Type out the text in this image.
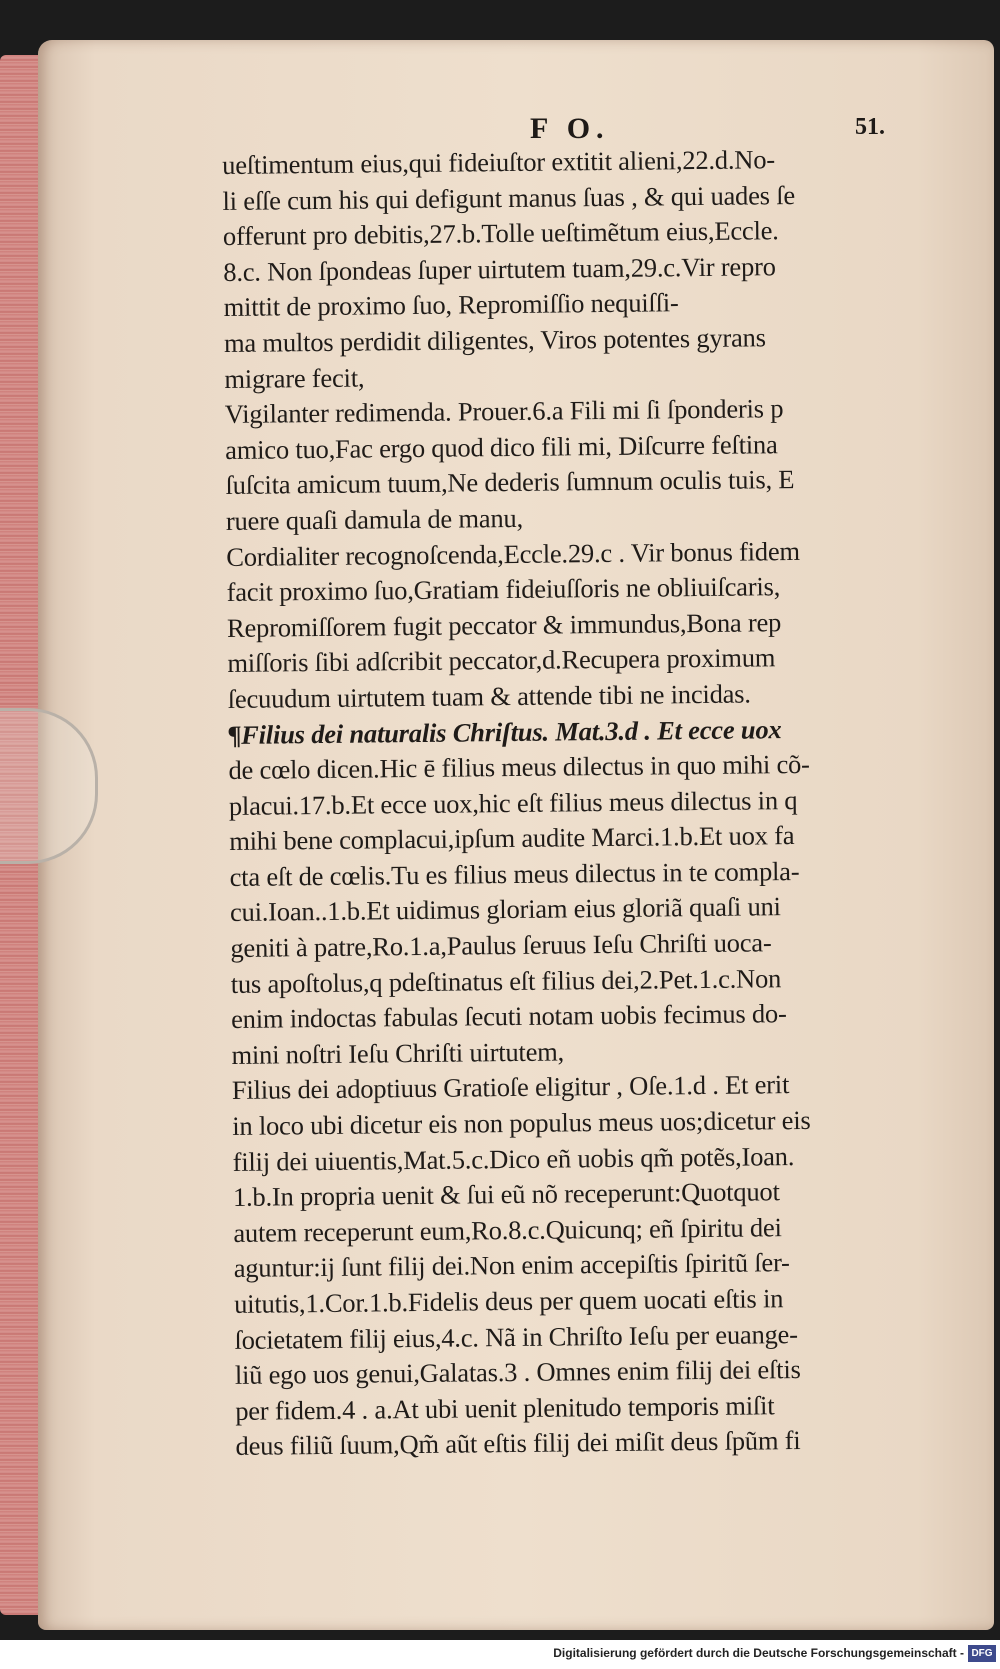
F O.	51.
ueſtimentum eius,qui fideiuſtor extitit alieni,22.d.No-
li eſſe cum his qui defigunt manus ſuas , & qui uades ſe
offerunt pro debitis,27.b.Tolle ueſtimẽtum eius,Eccle.
8.c. Non ſpondeas ſuper uirtutem tuam,29.c.Vir repro
mittit de proximo ſuo, Repromiſſio nequiſſi-
ma multos perdidit diligentes, Viros potentes gyrans
migrare fecit,
Vigilanter redimenda. Prouer.6.a Fili mi ſi ſponderis p
amico tuo,Fac ergo quod dico fili mi, Diſcurre feſtina
ſuſcita amicum tuum,Ne dederis ſumnum oculis tuis, E
ruere quaſi damula de manu,
Cordialiter recognoſcenda,Eccle.29.c . Vir bonus fidem
facit proximo ſuo,Gratiam fideiuſſoris ne obliuiſcaris,
Repromiſſorem fugit peccator & immundus,Bona rep
miſſoris ſibi adſcribit peccator,d.Recupera proximum
ſecuudum uirtutem tuam & attende tibi ne incidas.
¶Filius dei naturalis Chriſtus. Mat.3.d . Et ecce uox
de cœlo dicen.Hic ē filius meus dilectus in quo mihi cõ-
placui.17.b.Et ecce uox,hic eſt filius meus dilectus in q
mihi bene complacui,ipſum audite Marci.1.b.Et uox fa
cta eſt de cœlis.Tu es filius meus dilectus in te compla-
cui.Ioan..1.b.Et uidimus gloriam eius gloriã quaſi uni
geniti à patre,Ro.1.a,Paulus ſeruus Ieſu Chriſti uoca-
tus apoſtolus,q pdeſtinatus eſt filius dei,2.Pet.1.c.Non
enim indoctas fabulas ſecuti notam uobis fecimus do-
mini noſtri Ieſu Chriſti uirtutem,
Filius dei adoptiuus Gratioſe eligitur , Oſe.1.d . Et erit
in loco ubi dicetur eis non populus meus uos;dicetur eis
filij dei uiuentis,Mat.5.c.Dico eñ uobis qm̃ potẽs,Ioan.
1.b.In propria uenit & ſui eũ nõ receperunt:Quotquot
autem receperunt eum,Ro.8.c.Quicunq; eñ ſpiritu dei
aguntur:ij ſunt filij dei.Non enim accepiſtis ſpiritũ ſer-
uitutis,1.Cor.1.b.Fidelis deus per quem uocati eſtis in
ſocietatem filij eius,4.c. Nã in Chriſto Ieſu per euange-
liũ ego uos genui,Galatas.3 . Omnes enim filij dei eſtis
per fidem.4 . a.At ubi uenit plenitudo temporis miſit
deus filiũ ſuum,Qm̃ aũt eſtis filij dei miſit deus ſpũm fi
Digitalisierung gefördert durch die Deutsche Forschungsgemeinschaft - DFG
